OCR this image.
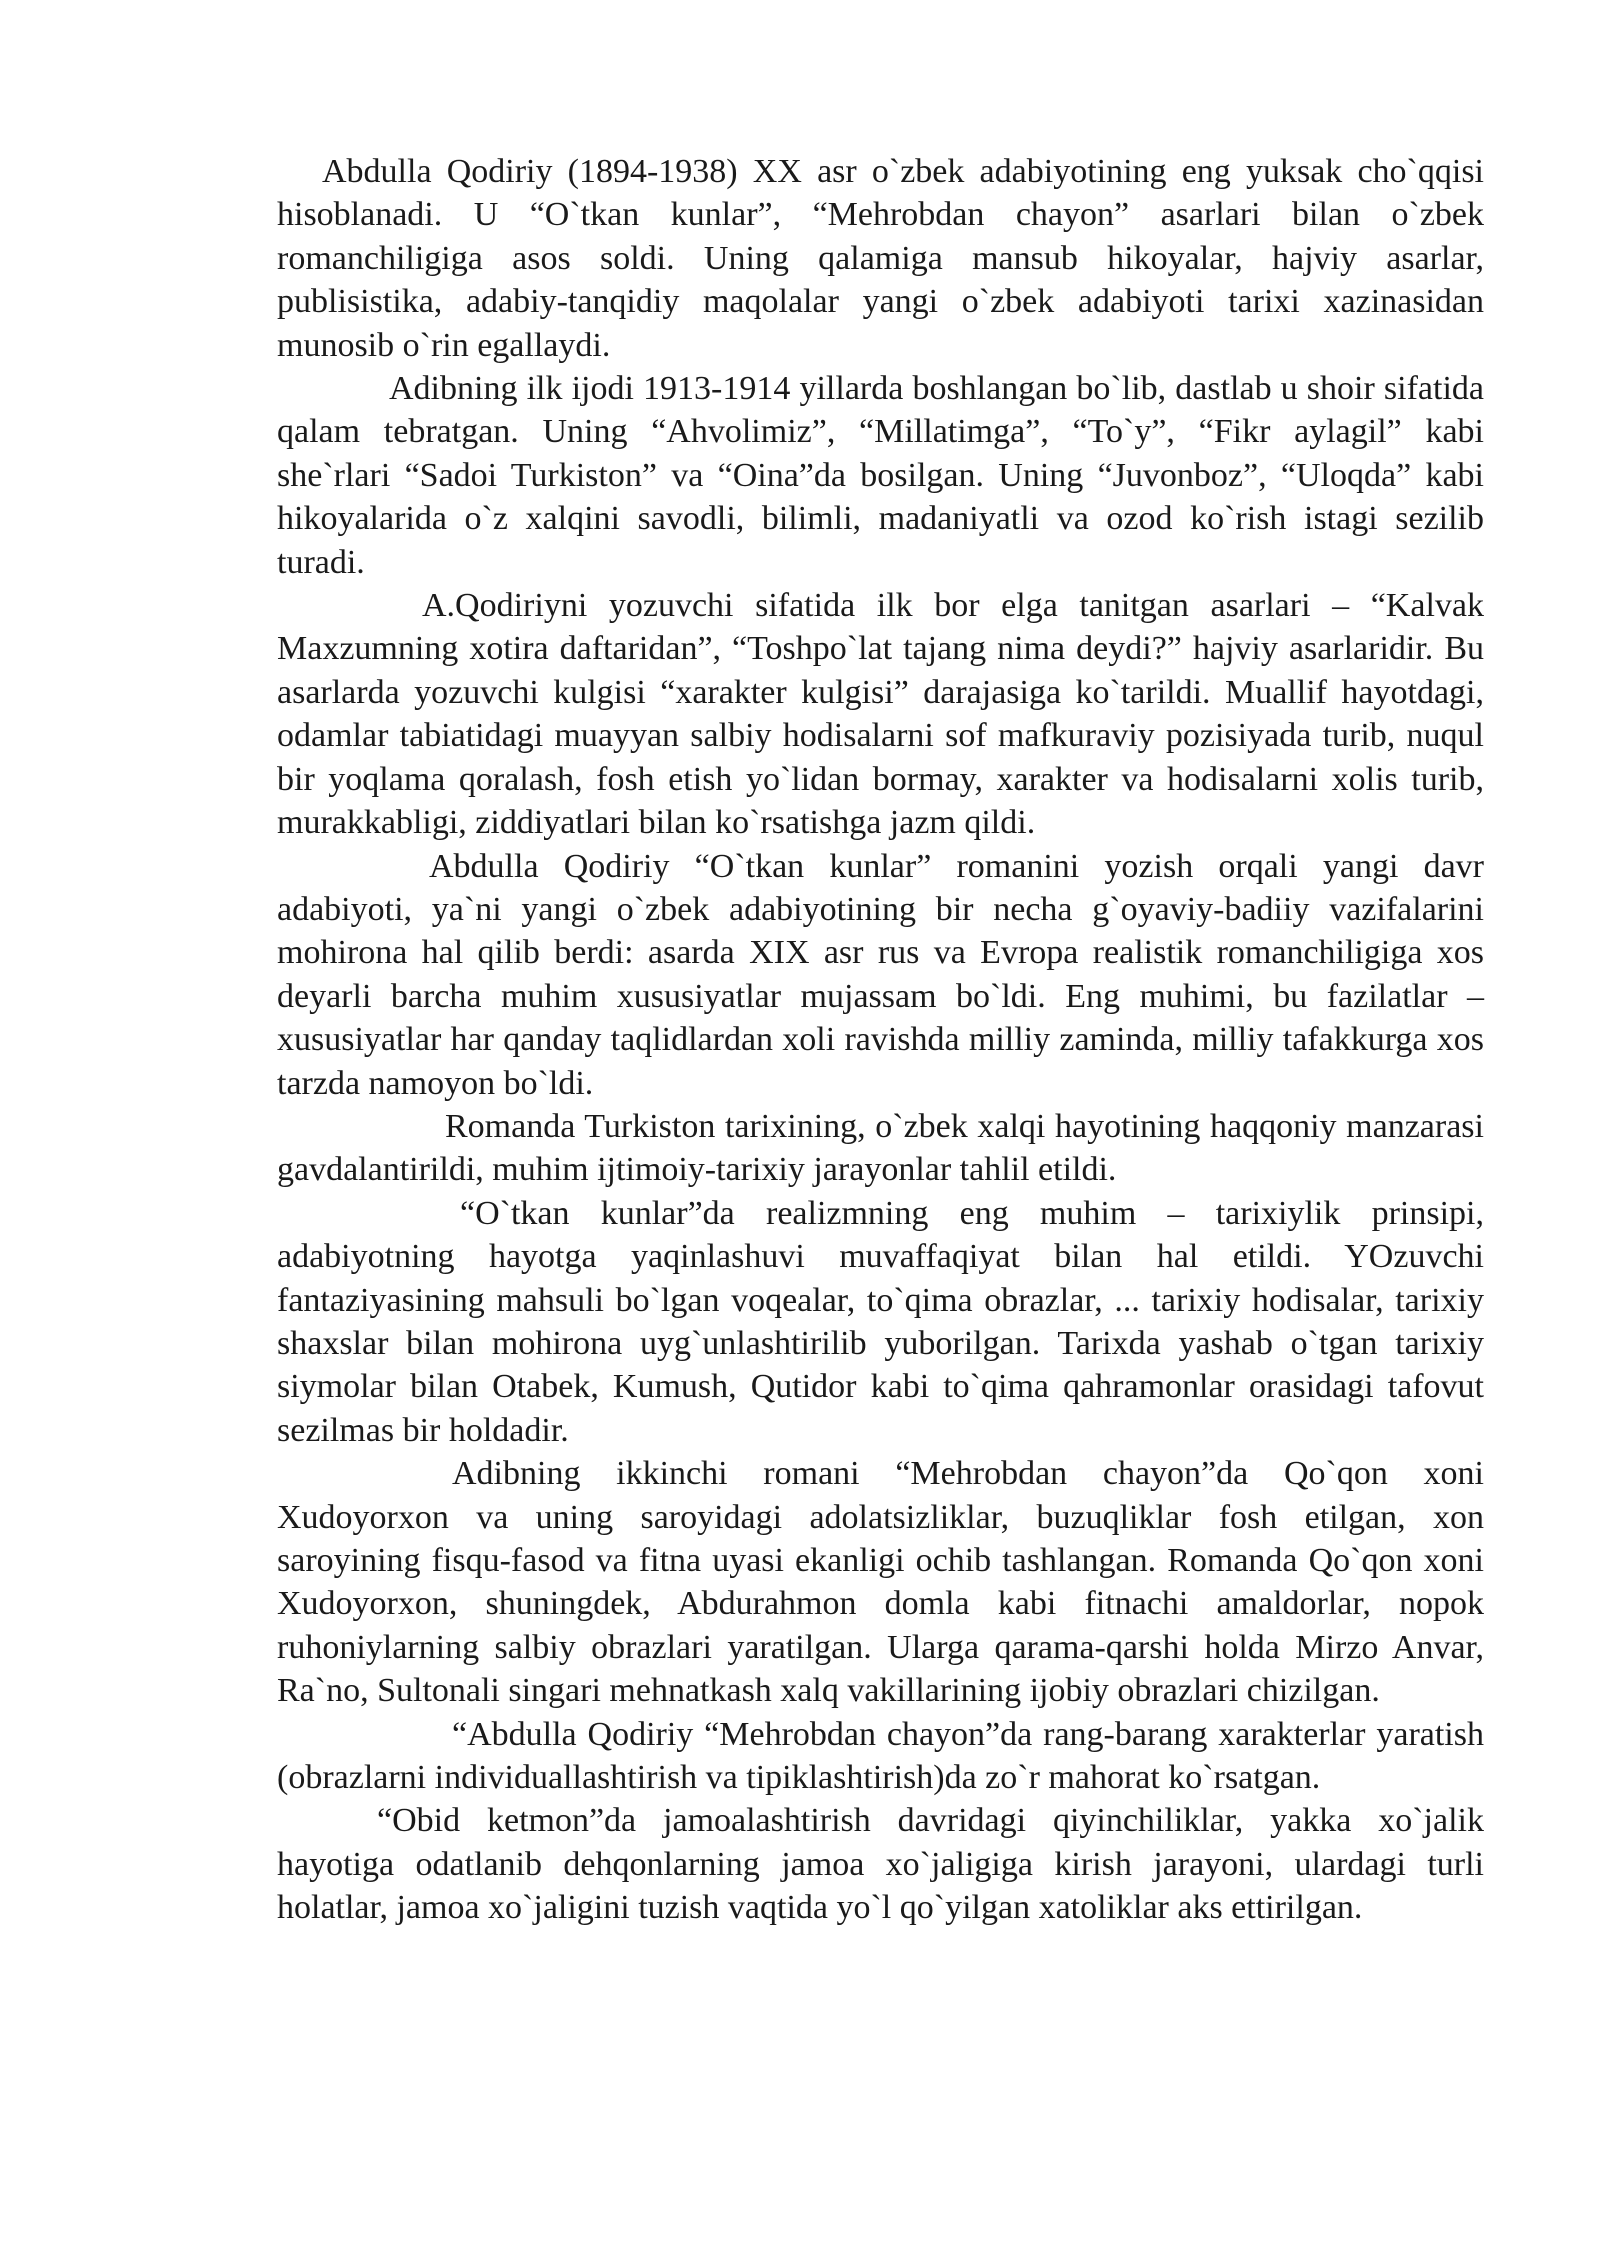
Abdulla Qodiriy (1894-1938) XX asr o`zbek adabiyotining eng yuksak cho`qqisi hisoblanadi. U “O`tkan kunlar”, “Mehrobdan chayon” asarlari bilan o`zbek romanchiligiga asos soldi. Uning qalamiga mansub hikoyalar, hajviy asarlar, publisistika, adabiy-tanqidiy maqolalar yangi o`zbek adabiyoti tarixi xazinasidan munosib o`rin egallaydi.

Adibning ilk ijodi 1913-1914 yillarda boshlangan bo`lib, dastlab u shoir sifatida qalam tebratgan. Uning “Ahvolimiz”, “Millatimga”, “To`y”, “Fikr aylagil” kabi she`rlari “Sadoi Turkiston” va “Oina”da bosilgan. Uning “Juvonboz”, “Uloqda” kabi hikoyalarida o`z xalqini savodli, bilimli, madaniyatli va ozod ko`rish istagi sezilib turadi.

A.Qodiriyni yozuvchi sifatida ilk bor elga tanitgan asarlari – “Kalvak Maxzumning xotira daftaridan”, “Toshpo`lat tajang nima deydi?” hajviy asarlaridir. Bu asarlarda yozuvchi kulgisi “xarakter kulgisi” darajasiga ko`tarildi. Muallif hayotdagi, odamlar tabiatidagi muayyan salbiy hodisalarni sof mafkuraviy pozisiyada turib, nuqul bir yoqlama qoralash, fosh etish yo`lidan bormay, xarakter va hodisalarni xolis turib, murakkabligi, ziddiyatlari bilan ko`rsatishga jazm qildi.

Abdulla Qodiriy “O`tkan kunlar” romanini yozish orqali yangi davr adabiyoti, ya`ni yangi o`zbek adabiyotining bir necha g`oyaviy-badiiy vazifalarini mohirona hal qilib berdi: asarda XIX asr rus va Evropa realistik romanchiligiga xos deyarli barcha muhim xususiyatlar mujassam bo`ldi. Eng muhimi, bu fazilatlar – xususiyatlar har qanday taqlidlardan xoli ravishda milliy zaminda, milliy tafakkurga xos tarzda namoyon bo`ldi.

Romanda Turkiston tarixining, o`zbek xalqi hayotining haqqoniy manzarasi gavdalantirildi, muhim ijtimoiy-tarixiy jarayonlar tahlil etildi.

“O`tkan kunlar”da realizmning eng muhim – tarixiylik prinsipi, adabiyotning hayotga yaqinlashuvi muvaffaqiyat bilan hal etildi. YOzuvchi fantaziyasining mahsuli bo`lgan voqealar, to`qima obrazlar, ... tarixiy hodisalar, tarixiy shaxslar bilan mohirona uyg`unlashtirilib yuborilgan. Tarixda yashab o`tgan tarixiy siymolar bilan Otabek, Kumush, Qutidor kabi to`qima qahramonlar orasidagi tafovut sezilmas bir holdadir.

Adibning ikkinchi romani “Mehrobdan chayon”da Qo`qon xoni Xudoyorxon va uning saroyidagi adolatsizliklar, buzuqliklar fosh etilgan, xon saroyining fisqu-fasod va fitna uyasi ekanligi ochib tashlangan. Romanda Qo`qon xoni Xudoyorxon, shuningdek, Abdurahmon domla kabi fitnachi amaldorlar, nopok ruhoniylarning salbiy obrazlari yaratilgan. Ularga qarama-qarshi holda Mirzo Anvar, Ra`no, Sultonali singari mehnatkash xalq vakillarining ijobiy obrazlari chizilgan.

“Abdulla Qodiriy “Mehrobdan chayon”da rang-barang xarakterlar yaratish (obrazlarni individuallashtirish va tipiklashtirish)da zo`r mahorat ko`rsatgan.

“Obid ketmon”da jamoalashtirish davridagi qiyinchiliklar, yakka xo`jalik hayotiga odatlanib dehqonlarning jamoa xo`jaligiga kirish jarayoni, ulardagi turli holatlar, jamoa xo`jaligini tuzish vaqtida yo`l qo`yilgan xatoliklar aks ettirilgan.
